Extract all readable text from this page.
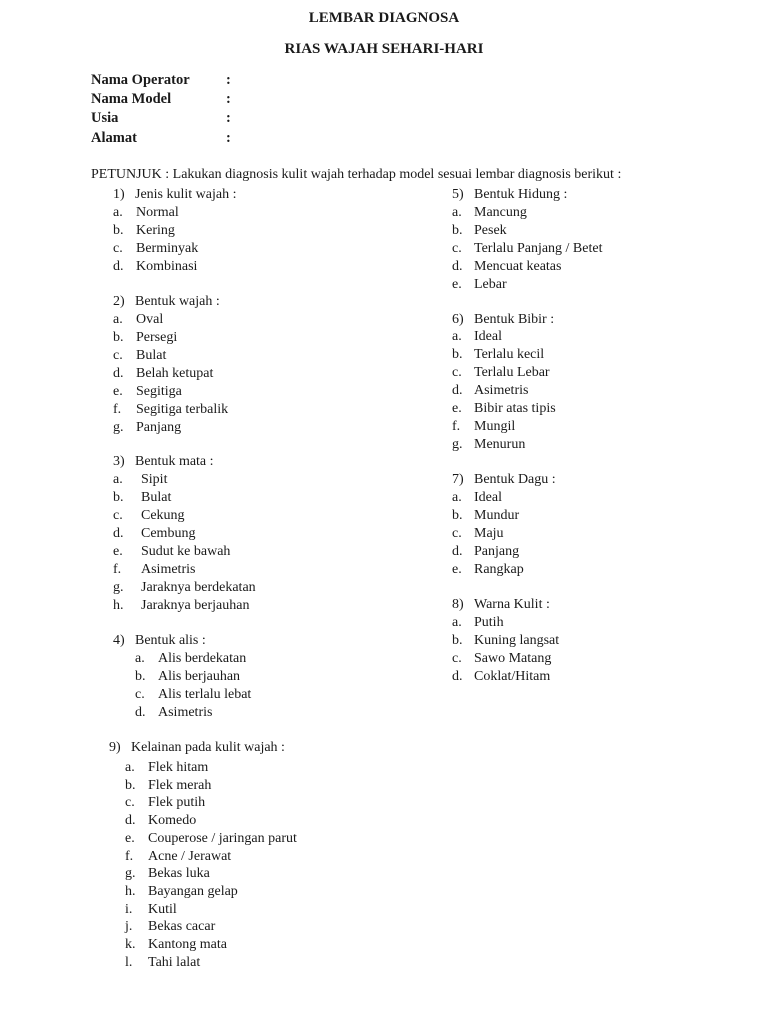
LEMBAR DIAGNOSA
RIAS WAJAH SEHARI-HARI
Nama Operator	:
Nama Model	:
Usia	:
Alamat	:
PETUNJUK : Lakukan diagnosis kulit wajah terhadap model sesuai lembar diagnosis berikut :
1) Jenis kulit wajah :
a. Normal
b. Kering
c. Berminyak
d. Kombinasi
2) Bentuk wajah :
a. Oval
b. Persegi
c. Bulat
d. Belah ketupat
e. Segitiga
f. Segitiga terbalik
g. Panjang
3) Bentuk mata :
a. Sipit
b. Bulat
c. Cekung
d. Cembung
e. Sudut ke bawah
f. Asimetris
g. Jaraknya berdekatan
h. Jaraknya berjauhan
4) Bentuk alis :
a. Alis berdekatan
b. Alis berjauhan
c. Alis terlalu lebat
d. Asimetris
5) Bentuk Hidung :
a. Mancung
b. Pesek
c. Terlalu Panjang / Betet
d. Mencuat keatas
e. Lebar
6) Bentuk Bibir :
a. Ideal
b. Terlalu kecil
c. Terlalu Lebar
d. Asimetris
e. Bibir atas tipis
f. Mungil
g. Menurun
7) Bentuk Dagu :
a. Ideal
b. Mundur
c. Maju
d. Panjang
e. Rangkap
8) Warna Kulit :
a. Putih
b. Kuning langsat
c. Sawo Matang
d. Coklat/Hitam
9) Kelainan pada kulit wajah :
a. Flek hitam
b. Flek merah
c. Flek putih
d. Komedo
e. Couperose / jaringan parut
f. Acne / Jerawat
g. Bekas luka
h. Bayangan gelap
i. Kutil
j. Bekas cacar
k. Kantong mata
l. Tahi lalat
